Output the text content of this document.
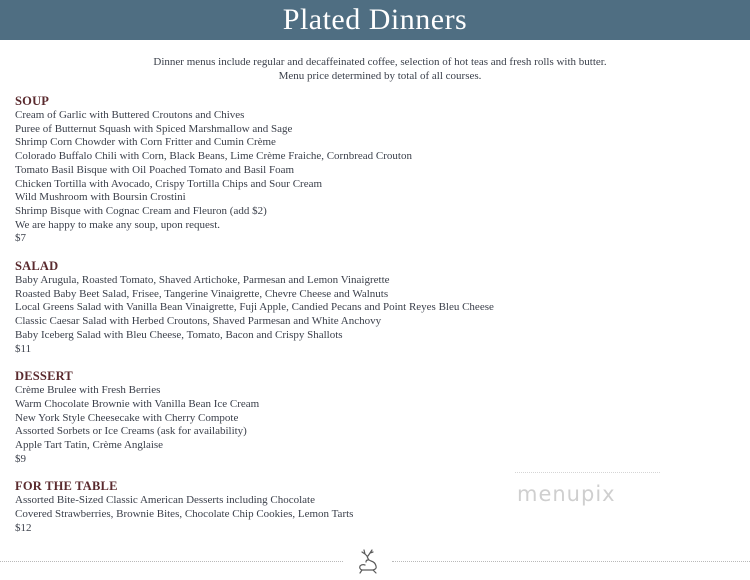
Plated Dinners
Dinner menus include regular and decaffeinated coffee, selection of hot teas and fresh rolls with butter.
Menu price determined by total of all courses.
SOUP
Cream of Garlic with Buttered Croutons and Chives
Puree of Butternut Squash with Spiced Marshmallow and Sage
Shrimp Corn Chowder with Corn Fritter and Cumin Crème
Colorado Buffalo Chili with Corn, Black Beans, Lime Crème Fraiche, Cornbread Crouton
Tomato Basil Bisque with Oil Poached Tomato and Basil Foam
Chicken Tortilla with Avocado, Crispy Tortilla Chips and Sour Cream
Wild Mushroom with Boursin Crostini
Shrimp Bisque with Cognac Cream and Fleuron (add $2)
We are happy to make any soup, upon request.
$7
SALAD
Baby Arugula, Roasted Tomato, Shaved Artichoke, Parmesan and Lemon Vinaigrette
Roasted Baby Beet Salad, Frisee, Tangerine Vinaigrette, Chevre Cheese and Walnuts
Local Greens Salad with Vanilla Bean Vinaigrette, Fuji Apple, Candied Pecans and Point Reyes Bleu Cheese
Classic Caesar Salad with Herbed Croutons, Shaved Parmesan and White Anchovy
Baby Iceberg Salad with Bleu Cheese, Tomato, Bacon and Crispy Shallots
$11
DESSERT
Crème Brulee with Fresh Berries
Warm Chocolate Brownie with Vanilla Bean Ice Cream
New York Style Cheesecake with Cherry Compote
Assorted Sorbets or Ice Creams (ask for availability)
Apple Tart Tatin, Crème Anglaise
$9
FOR THE TABLE
Assorted Bite-Sized Classic American Desserts including Chocolate
Covered Strawberries, Brownie Bites, Chocolate Chip Cookies, Lemon Tarts
$12
menupix
